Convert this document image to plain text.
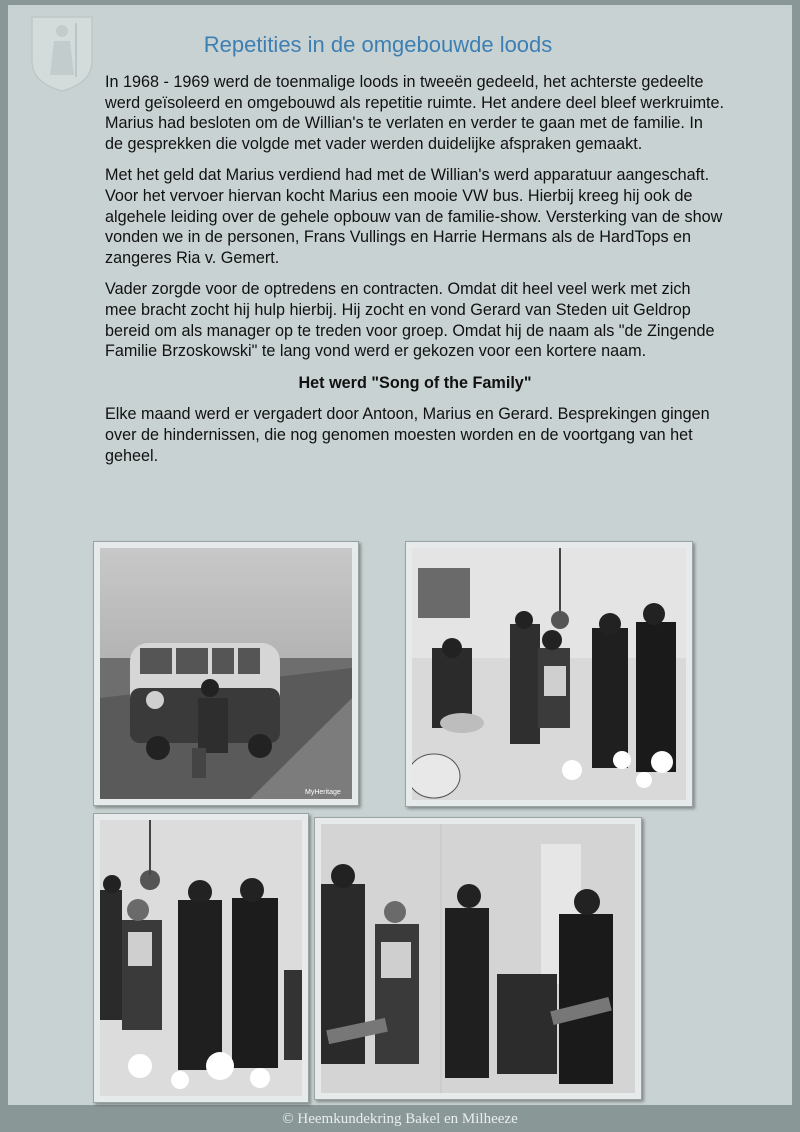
Repetities in de omgebouwde loods

In 1968 - 1969 werd de toenmalige loods in tweeën gedeeld, het achterste gedeelte werd geïsoleerd en omgebouwd als repetitie ruimte. Het andere deel bleef werkruimte. Marius had besloten om de Willian's te verlaten en verder te gaan met de familie. In de gesprekken die volgde met vader werden duidelijke afspraken gemaakt.

Met het geld dat Marius verdiend had met de Willian's werd apparatuur aangeschaft. Voor het vervoer hiervan kocht Marius een mooie VW bus. Hierbij kreeg hij ook de algehele leiding over de gehele opbouw van de familie-show. Versterking van de show vonden we in de personen, Frans Vullings en Harrie Hermans als de HardTops en zangeres Ria v. Gemert.

Vader zorgde voor de optredens en contracten. Omdat dit heel veel werk met zich mee bracht zocht hij hulp hierbij. Hij zocht en vond Gerard van Steden uit Geldrop bereid om als manager op te treden voor groep. Omdat hij de naam als "de Zingende Familie Brzoskowski" te lang vond werd er gekozen voor een kortere naam.

Het werd "Song of the Family"

Elke maand werd er vergadert door Antoon, Marius en Gerard. Besprekingen gingen over de hindernissen, die nog genomen moesten worden en de voortgang van het geheel.

MyHeritage
© Heemkundekring Bakel en Milheeze
